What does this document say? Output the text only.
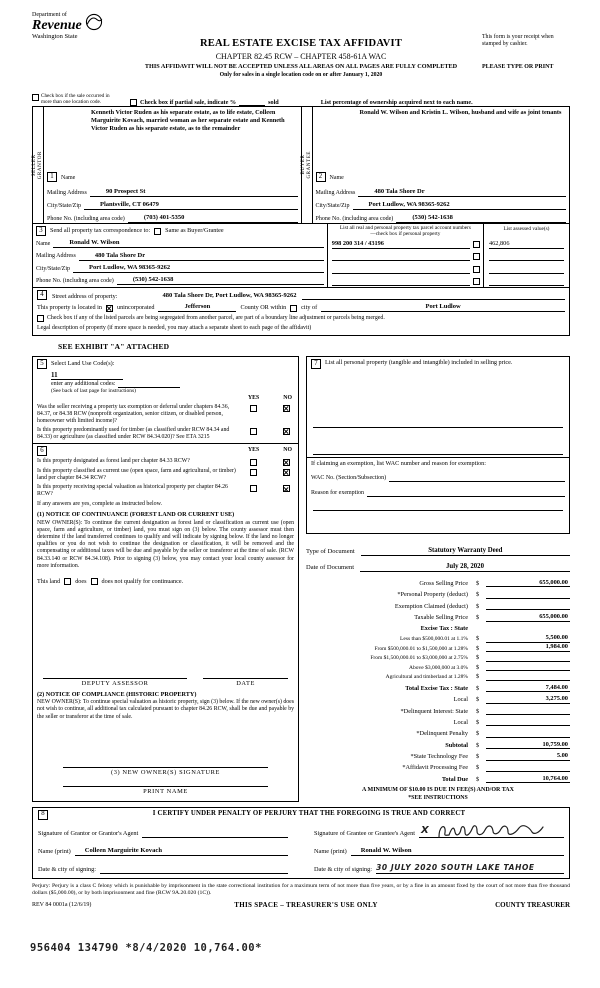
Department of
Revenue
Washington State
REAL ESTATE EXCISE TAX AFFIDAVIT
CHAPTER 82.45 RCW – CHAPTER 458-61A WAC
THIS AFFIDAVIT WILL NOT BE ACCEPTED UNLESS ALL AREAS ON ALL PAGES ARE FULLY COMPLETED
Only for sales in a single location code on or after January 1, 2020
This form is your receipt when stamped by cashier.
PLEASE TYPE OR PRINT
Check box if the sale occurred in more than one location code.	Check box if partial sale, indicate %	sold	List percentage of ownership acquired next to each name.
SELLER GRANTOR	1	Name
Kenneth Victor Ruden as his separate estate, as to life estate, Colleen Marguirite Kovach, married woman as her separate estate and Kenneth Victor Ruden as his separate estate, as to the remainder
Mailing Address	90 Prospect St
City/State/Zip	Plantsville, CT 06479
Phone No. (including area code)	(703) 401-5350
BUYER GRANTEE	2	Name
Ronald W. Wilson and Kristin L. Wilson, husband and wife as joint tenants
Mailing Address	480 Tala Shore Dr
City/State/Zip	Port Ludlow, WA 98365-9262
Phone No. (including area code)	(530) 542-1638
3	Send all property tax correspondence to: Same as Buyer/Grantee
Name	Ronald W. Wilson
Mailing Address	480 Tala Shore Dr
City/State/Zip	Port Ludlow, WA 98365-9262
Phone No. (including area code)	(530) 542-1638
List all real and personal property tax parcel account numbers
—check box if personal property
List assessed value(s)
998 200 314 / 43196	462,806
4	Street address of property:	480 Tala Shore Dr, Port Ludlow, WA 98365-9262
This property is located in unincorporated	Jefferson	County OR within city of	Port Ludlow
Check box if any of the listed parcels are being segregated from another parcel, are part of a boundary line adjustment or parcels being merged.
Legal description of property (if more space is needed, you may attach a separate sheet to each page of the affidavit)
SEE EXHIBIT "A" ATTACHED
5	Select Land Use Code(s):
11
enter any additional codes:
(See back of last page for instructions)
YES	NO
Was the seller receiving a property tax exemption or deferral under chapters 84.36, 84.37, or 84.38 RCW (nonprofit organization, senior citizen, or disabled person, homeowner with limited income)?
Is this property predominantly used for timber (as classified under RCW 84.34 and 84.33) or agriculture (as classified under RCW 84.34.020)? See ETA 3215
6	YES	NO
Is this property designated as forest land per chapter 84.33 RCW?
Is this property classified as current use (open space, farm and agricultural, or timber) land per chapter 84.34 RCW?
Is this property receiving special valuation as historical property per chapter 84.26 RCW?
If any answers are yes, complete as instructed below.
(1) NOTICE OF CONTINUANCE (FOREST LAND OR CURRENT USE)
NEW OWNER(S): To continue the current designation as forest land or classification as current use (open space, farm and agriculture, or timber) land, you must sign on (3) below. The county assessor must then determine if the land transferred continues to qualify and will indicate by signing below. If the land no longer qualifies or you do not wish to continue the designation or classification, it will be removed and the compensating or additional taxes will be due and payable by the seller or transferor at the time of sale. (RCW 84.33.140 or RCW 84.34.108). Prior to signing (3) below, you may contact your local county assessor for more information.
This land does does not qualify for continuance.
DEPUTY ASSESSOR	DATE
(2) NOTICE OF COMPLIANCE (HISTORIC PROPERTY)
NEW OWNER(S): To continue special valuation as historic property, sign (3) below. If the new owner(s) does not wish to continue, all additional tax calculated pursuant to chapter 84.26 RCW, shall be due and payable by the seller or transferor at the time of sale.
(3) NEW OWNER(S) SIGNATURE
PRINT NAME
7	List all personal property (tangible and intangible) included in selling price.
If claiming an exemption, list WAC number and reason for exemption:
WAC No. (Section/Subsection)
Reason for exemption
Type of Document	Statutory Warranty Deed
Date of Document	July 28, 2020
Gross Selling Price	$	655,000.00
*Personal Property (deduct)	$
Exemption Claimed (deduct)	$
Taxable Selling Price	$	655,000.00
Excise Tax : State
Less than $500,000.01 at 1.1%	$	5,500.00
From $500,000.01 to $1,500,000 at 1.28%	$	1,984.00
From $1,500,000.01 to $3,000,000 at 2.75%	$
Above $3,000,000 at 3.0%	$
Agricultural and timberland at 1.28%	$
Total Excise Tax : State	$	7,484.00
Local	$	3,275.00
*Delinquent Interest: State	$
Local	$
*Delinquent Penalty	$
Subtotal	$	10,759.00
*State Technology Fee	$	5.00
*Affidavit Processing Fee	$
Total Due	$	10,764.00
A MINIMUM OF $10.00 IS DUE IN FEE(S) AND/OR TAX
*SEE INSTRUCTIONS
8	I CERTIFY UNDER PENALTY OF PERJURY THAT THE FOREGOING IS TRUE AND CORRECT
Signature of Grantor or Grantor's Agent
Name (print)	Colleen Marguirite Kovach
Date & city of signing:
Signature of Grantee or Grantee's Agent X
Name (print)	Ronald W. Wilson
Date & city of signing: 30 JULY 2020 SOUTH LAKE TAHOE
Perjury: Perjury is a class C felony which is punishable by imprisonment in the state correctional institution for a maximum term of not more than five years, or by a fine in an amount fixed by the court of not more than five thousand dollars ($5,000.00), or by both imprisonment and fine (RCW 9A.20.020 (1C)).
REV 84 0001a (12/6/19)	THIS SPACE – TREASURER'S USE ONLY	COUNTY TREASURER
956404 134790 *8/4/2020 10,764.00*
